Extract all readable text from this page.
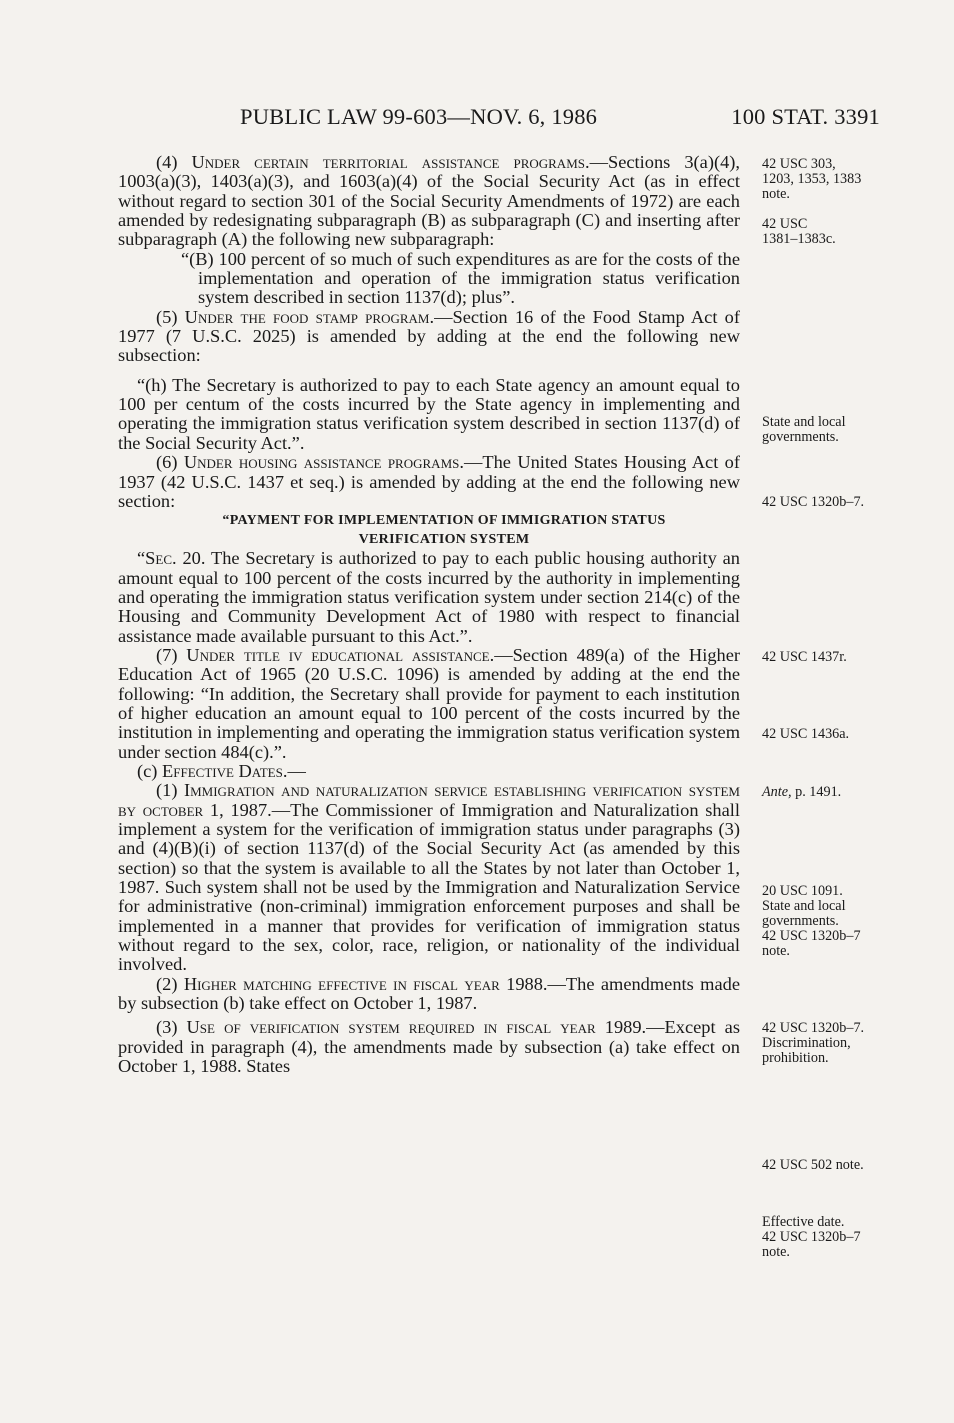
PUBLIC LAW 99-603—NOV. 6, 1986	100 STAT. 3391

(4) Under certain territorial assistance programs.—Sections 3(a)(4), 1003(a)(3), 1403(a)(3), and 1603(a)(4) of the Social Security Act (as in effect without regard to section 301 of the Social Security Amendments of 1972) are each amended by redesignating subparagraph (B) as subparagraph (C) and inserting after subparagraph (A) the following new subparagraph:

“(B) 100 percent of so much of such expenditures as are for the costs of the implementation and operation of the immigration status verification system described in section 1137(d); plus”.

(5) Under the food stamp program.—Section 16 of the Food Stamp Act of 1977 (7 U.S.C. 2025) is amended by adding at the end the following new subsection:

“(h) The Secretary is authorized to pay to each State agency an amount equal to 100 per centum of the costs incurred by the State agency in implementing and operating the immigration status verification system described in section 1137(d) of the Social Security Act.”.

(6) Under housing assistance programs.—The United States Housing Act of 1937 (42 U.S.C. 1437 et seq.) is amended by adding at the end the following new section:

“PAYMENT FOR IMPLEMENTATION OF IMMIGRATION STATUS
VERIFICATION SYSTEM

“Sec. 20. The Secretary is authorized to pay to each public housing authority an amount equal to 100 percent of the costs incurred by the authority in implementing and operating the immigration status verification system under section 214(c) of the Housing and Community Development Act of 1980 with respect to financial assistance made available pursuant to this Act.”.

(7) Under title iv educational assistance.—Section 489(a) of the Higher Education Act of 1965 (20 U.S.C. 1096) is amended by adding at the end the following: “In addition, the Secretary shall provide for payment to each institution of higher education an amount equal to 100 percent of the costs incurred by the institution in implementing and operating the immigration status verification system under section 484(c).”.

(c) Effective Dates.—

(1) Immigration and naturalization service establishing verification system by october 1, 1987.—The Commissioner of Immigration and Naturalization shall implement a system for the verification of immigration status under paragraphs (3) and (4)(B)(i) of section 1137(d) of the Social Security Act (as amended by this section) so that the system is available to all the States by not later than October 1, 1987. Such system shall not be used by the Immigration and Naturalization Service for administrative (non-criminal) immigration enforcement purposes and shall be implemented in a manner that provides for verification of immigration status without regard to the sex, color, race, religion, or nationality of the individual involved.

(2) Higher matching effective in fiscal year 1988.—The amendments made by subsection (b) take effect on October 1, 1987.

(3) Use of verification system required in fiscal year 1989.—Except as provided in paragraph (4), the amendments made by subsection (a) take effect on October 1, 1988. States

42 USC 303,
1203, 1353, 1383
note.
42 USC
1381–1383c.
State and local
governments.
42 USC 1320b–7.
42 USC 1437r.
42 USC 1436a.
Ante, p. 1491.
20 USC 1091.
State and local
governments.
42 USC 1320b–7
note.
42 USC 1320b–7.
Discrimination,
prohibition.
42 USC 502 note.
Effective date.
42 USC 1320b–7
note.
